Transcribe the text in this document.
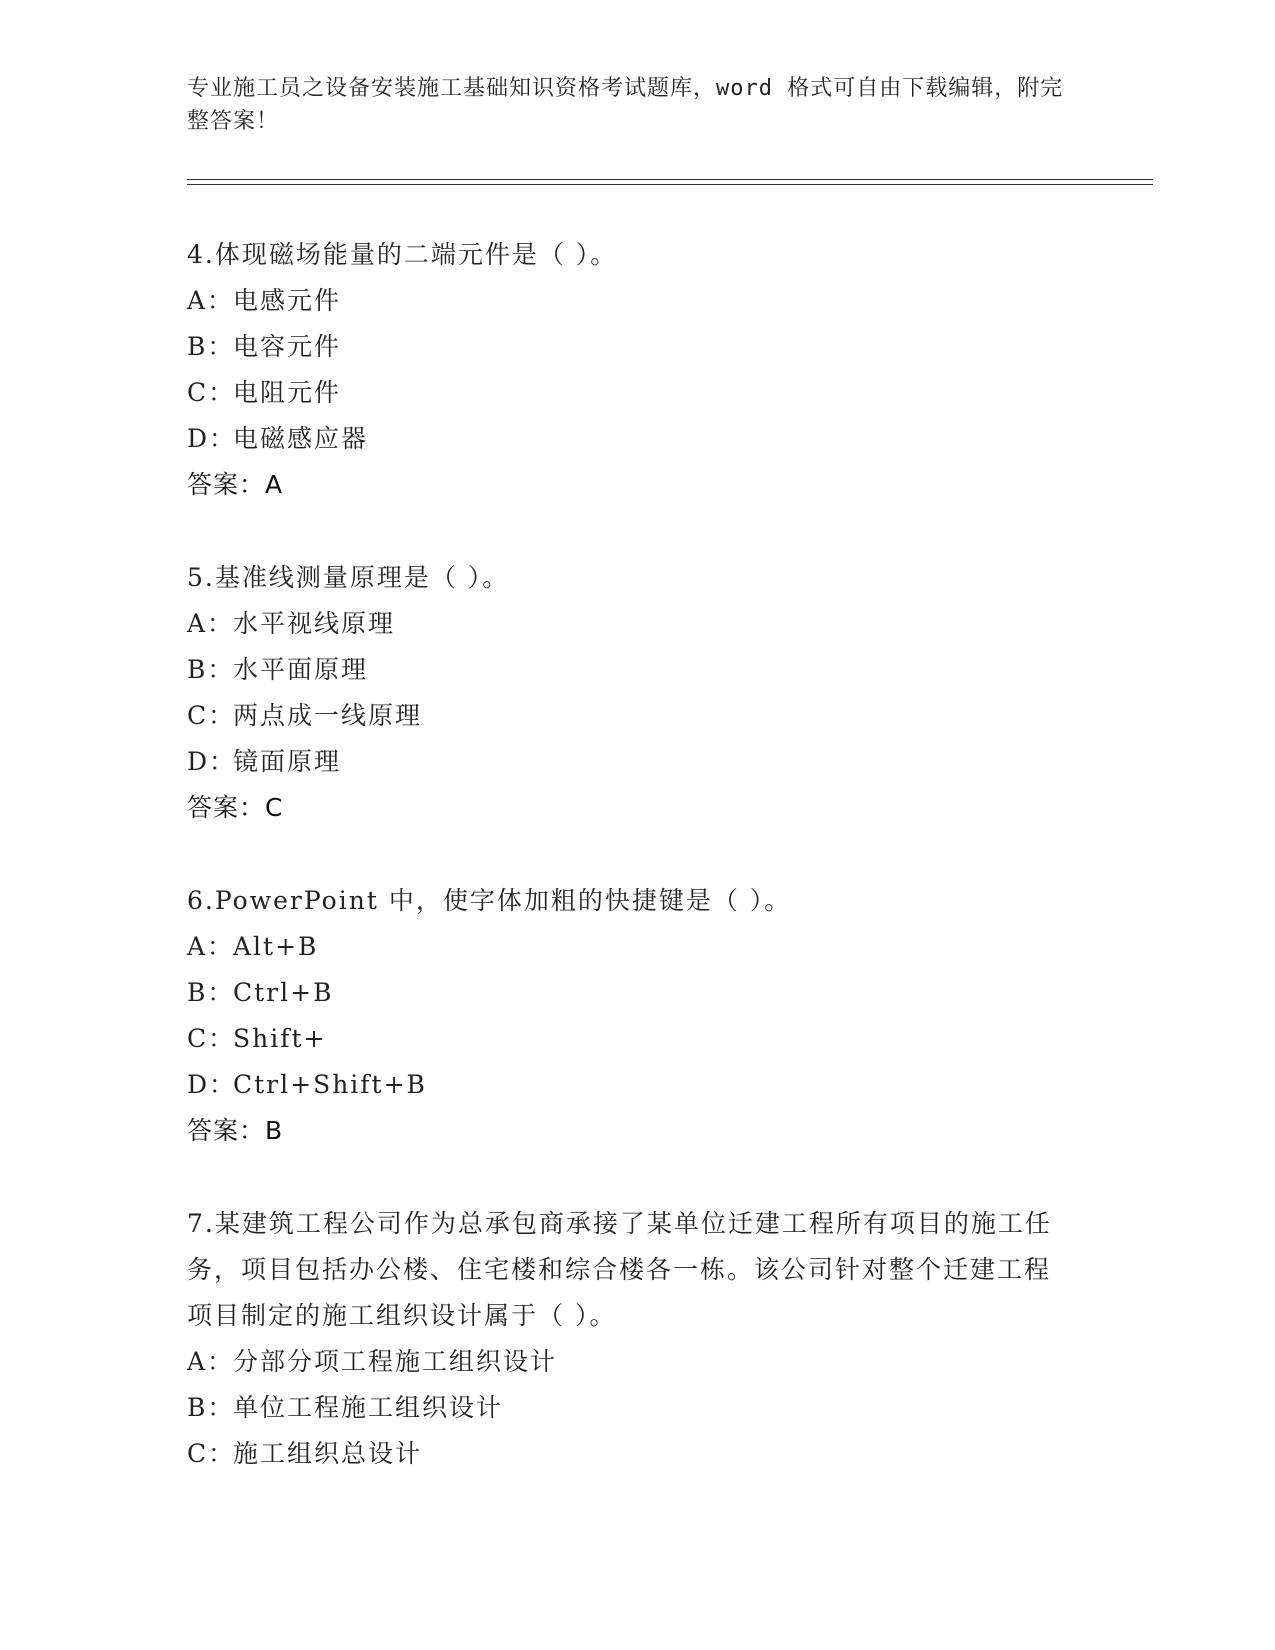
专业施工员之设备安装施工基础知识资格考试题库，word 格式可自由下载编辑，附完整答案！
4.体现磁场能量的二端元件是（ ）。
A：电感元件
B：电容元件
C：电阻元件
D：电磁感应器
答案：A
5.基准线测量原理是（ ）。
A：水平视线原理
B：水平面原理
C：两点成一线原理
D：镜面原理
答案：C
6.PowerPoint 中，使字体加粗的快捷键是（ ）。
A：Alt+B
B：Ctrl+B
C：Shift+
D：Ctrl+Shift+B
答案：B
7.某建筑工程公司作为总承包商承接了某单位迁建工程所有项目的施工任务，项目包括办公楼、住宅楼和综合楼各一栋。该公司针对整个迁建工程项目制定的施工组织设计属于（ ）。
A：分部分项工程施工组织设计
B：单位工程施工组织设计
C：施工组织总设计
